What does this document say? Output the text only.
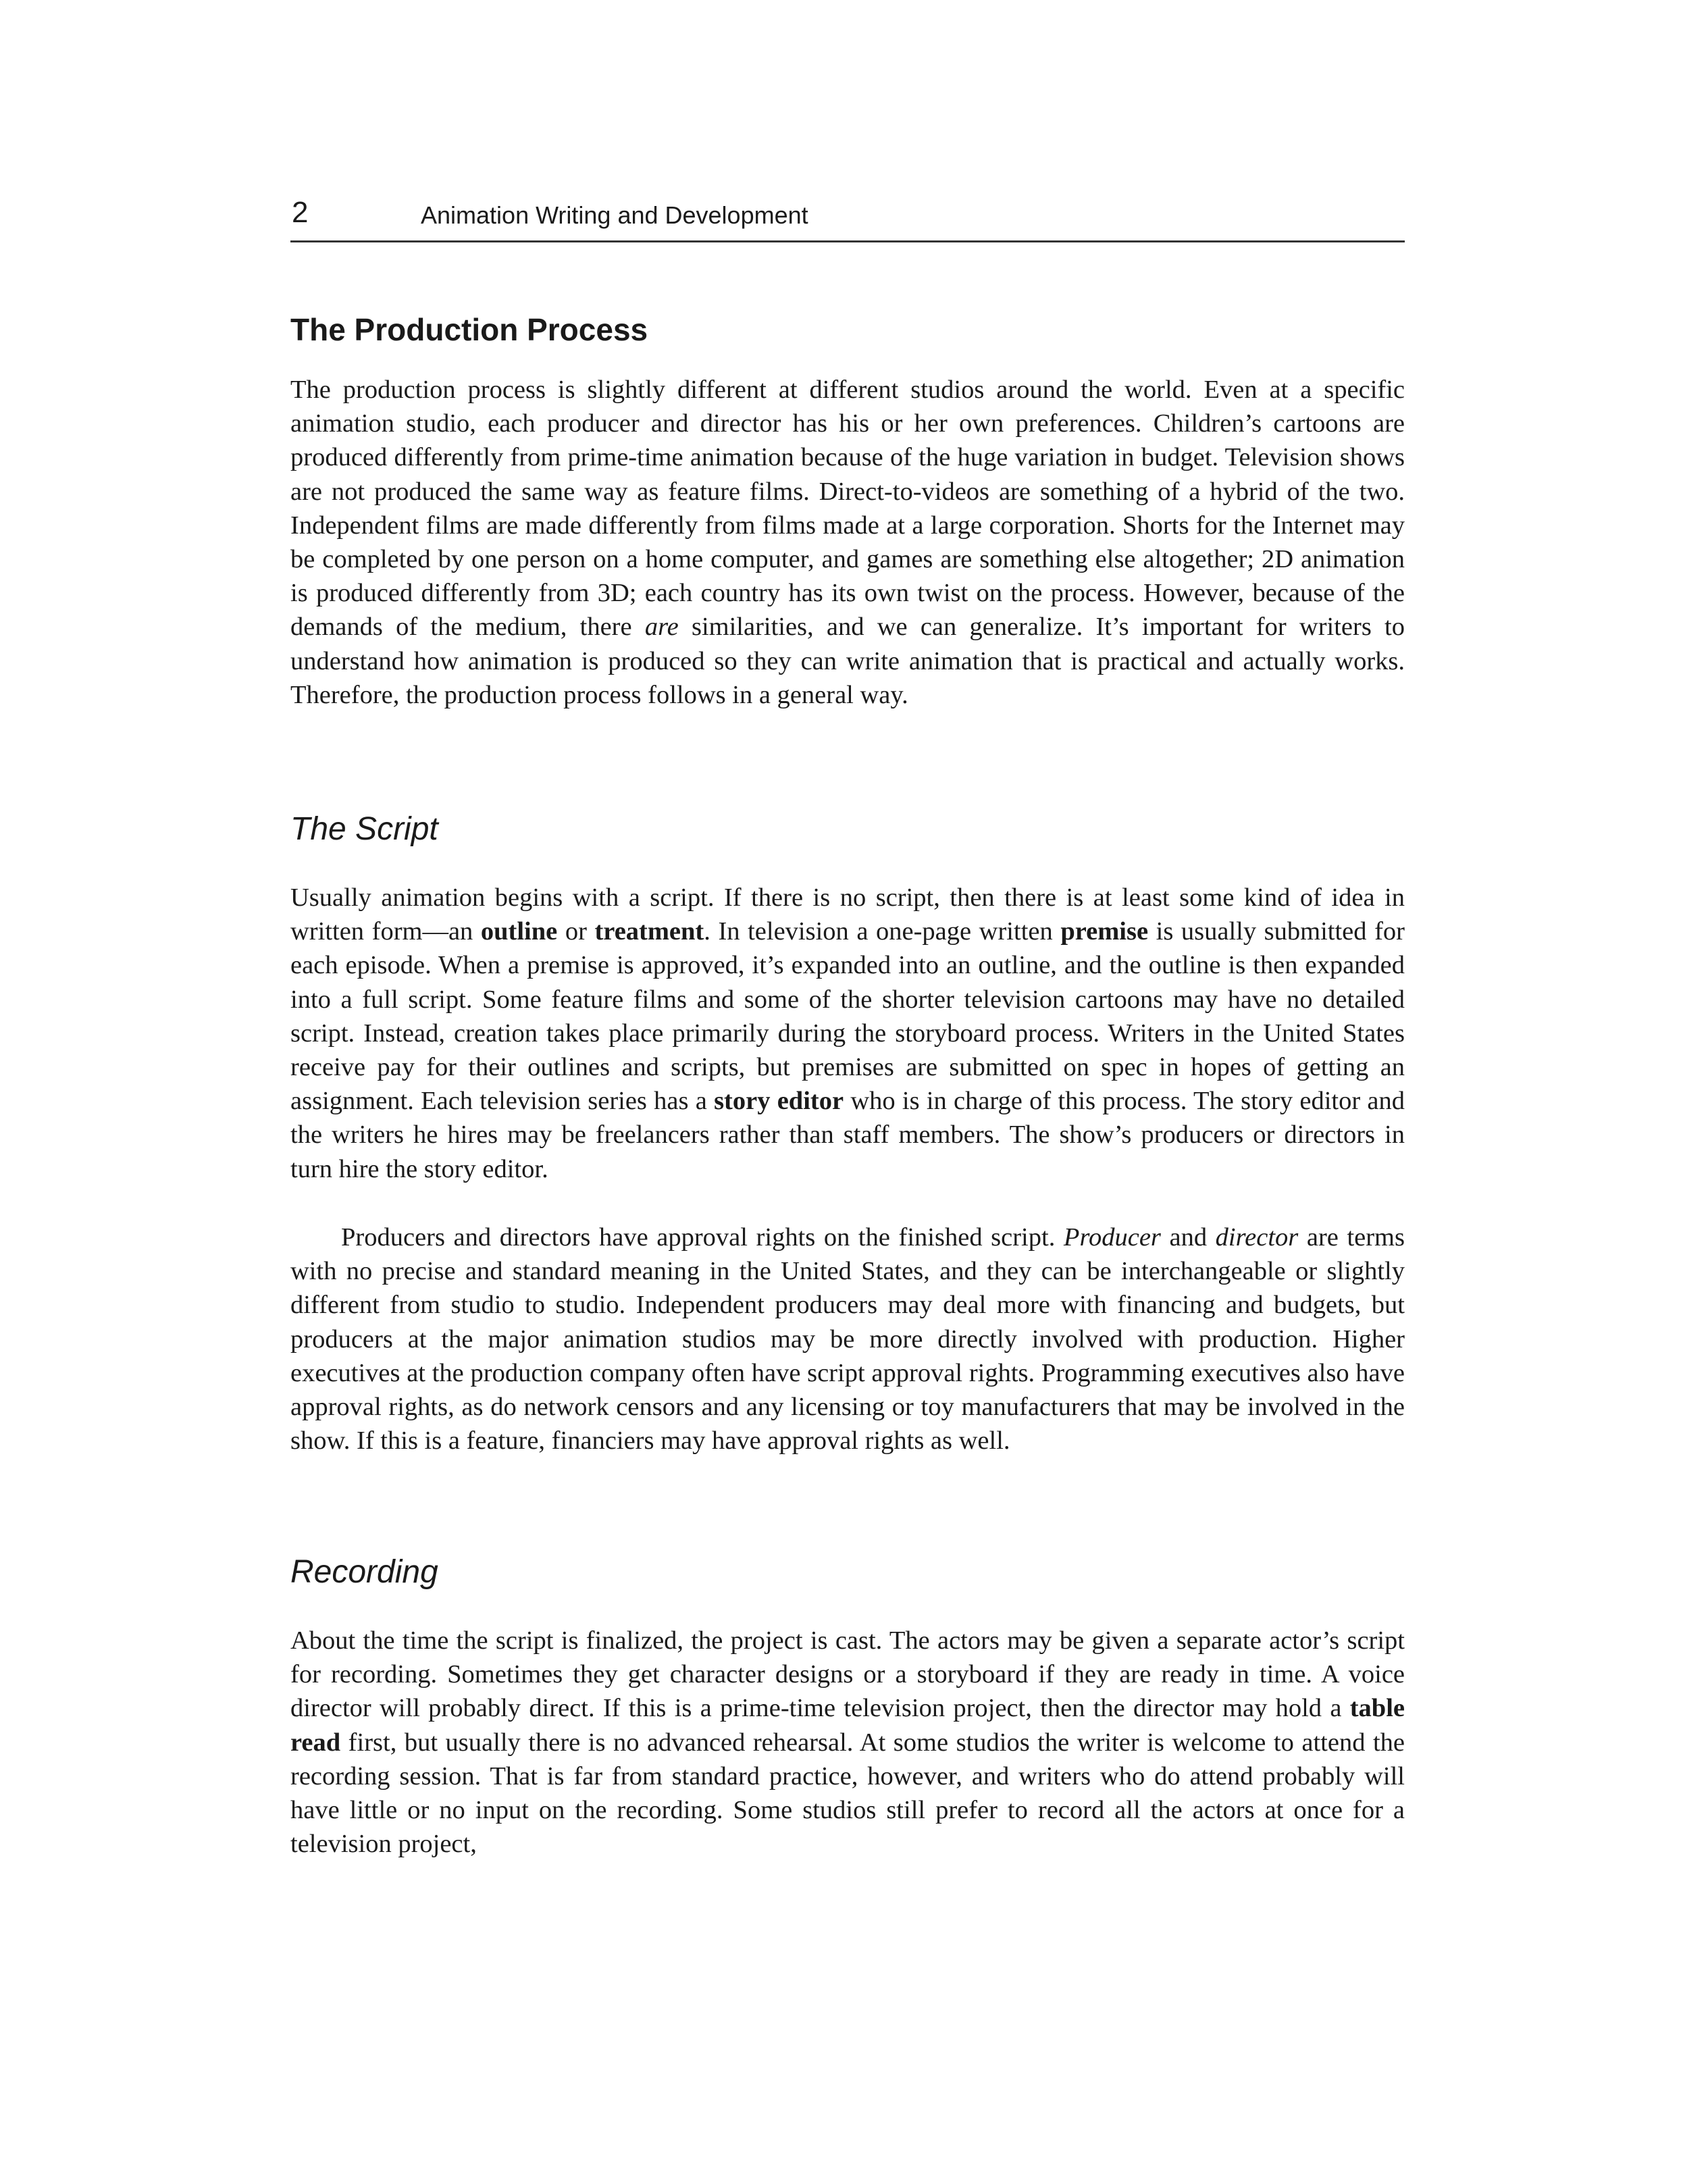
2	Animation Writing and Development
The Production Process

The production process is slightly different at different studios around the world. Even at a specific animation studio, each producer and director has his or her own preferences. Children’s cartoons are produced differently from prime-time animation because of the huge variation in budget. Television shows are not produced the same way as feature films. Direct-to-videos are something of a hybrid of the two. Independent films are made differently from films made at a large corporation. Shorts for the Internet may be completed by one person on a home computer, and games are something else altogether; 2D animation is produced differently from 3D; each country has its own twist on the process. However, because of the demands of the medium, there are similarities, and we can generalize. It’s important for writers to understand how animation is produced so they can write animation that is practical and actually works. Therefore, the production process follows in a general way.

The Script

Usually animation begins with a script. If there is no script, then there is at least some kind of idea in written form—an outline or treatment. In television a one-page written premise is usually submitted for each episode. When a premise is approved, it’s expanded into an outline, and the outline is then expanded into a full script. Some feature films and some of the shorter television cartoons may have no detailed script. Instead, creation takes place primarily during the storyboard process. Writers in the United States receive pay for their outlines and scripts, but premises are submitted on spec in hopes of getting an assignment. Each television series has a story editor who is in charge of this process. The story editor and the writers he hires may be freelancers rather than staff members. The show’s producers or directors in turn hire the story editor.

Producers and directors have approval rights on the finished script. Producer and director are terms with no precise and standard meaning in the United States, and they can be interchangeable or slightly different from studio to studio. Independent producers may deal more with financing and budgets, but producers at the major animation studios may be more directly involved with production. Higher executives at the production company often have script approval rights. Programming executives also have approval rights, as do network censors and any licensing or toy manufacturers that may be involved in the show. If this is a feature, financiers may have approval rights as well.

Recording

About the time the script is finalized, the project is cast. The actors may be given a separate actor’s script for recording. Sometimes they get character designs or a storyboard if they are ready in time. A voice director will probably direct. If this is a prime-time television project, then the director may hold a table read first, but usually there is no advanced rehearsal. At some studios the writer is welcome to attend the recording session. That is far from standard practice, however, and writers who do attend probably will have little or no input on the recording. Some studios still prefer to record all the actors at once for a television project,
